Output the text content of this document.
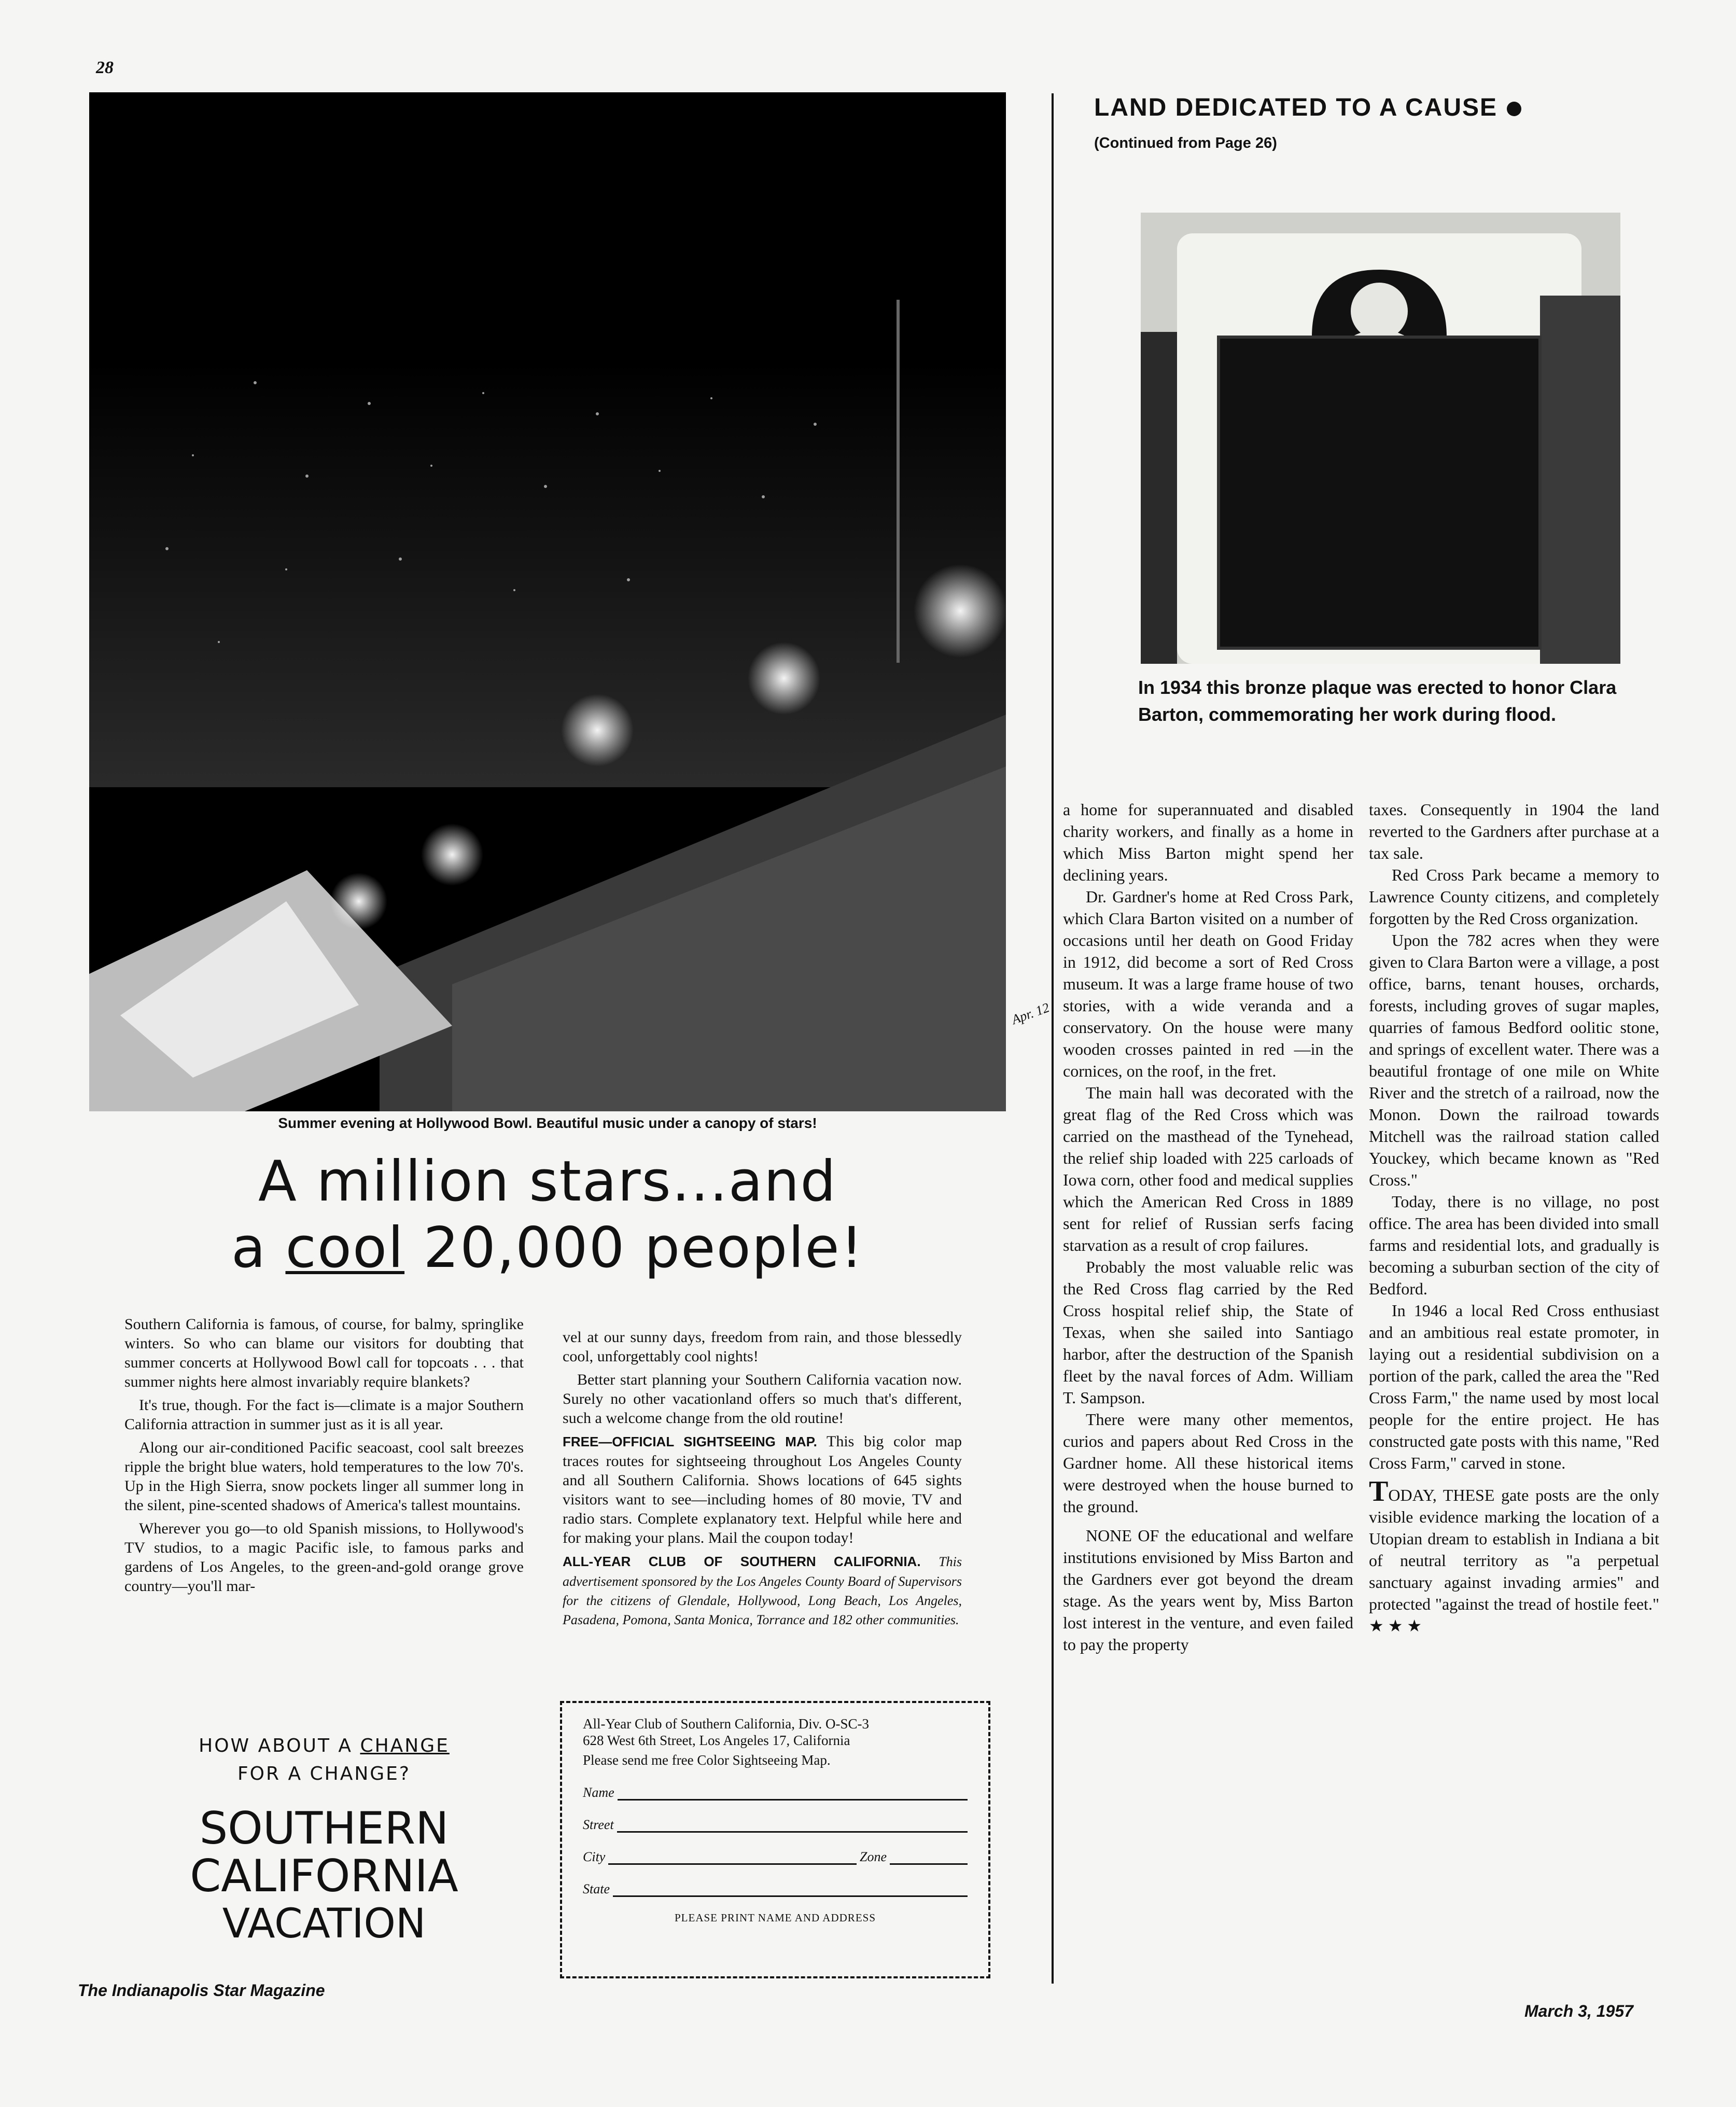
28
Summer evening at Hollywood Bowl. Beautiful music under a canopy of stars!
A million stars...and
a cool 20,000 people!

Southern California is famous, of course, for balmy, springlike winters. So who can blame our visitors for doubting that summer concerts at Hollywood Bowl call for topcoats . . . that summer nights here almost invariably require blankets?

It's true, though. For the fact is—climate is a major Southern California attraction in summer just as it is all year.

Along our air-conditioned Pacific seacoast, cool salt breezes ripple the bright blue waters, hold temperatures to the low 70's. Up in the High Sierra, snow pockets linger all summer long in the silent, pine-scented shadows of America's tallest mountains.

Wherever you go—to old Spanish missions, to Hollywood's TV studios, to a magic Pacific isle, to famous parks and gardens of Los Angeles, to the green-and-gold orange grove country—you'll mar-

vel at our sunny days, freedom from rain, and those blessedly cool, unforgettably cool nights!

Better start planning your Southern California vacation now. Surely no other vacationland offers so much that's different, such a welcome change from the old routine!

FREE—OFFICIAL SIGHTSEEING MAP. This big color map traces routes for sightseeing throughout Los Angeles County and all Southern California. Shows locations of 645 sights visitors want to see—including homes of 80 movie, TV and radio stars. Complete explanatory text. Helpful while here and for making your plans. Mail the coupon today!

ALL-YEAR CLUB OF SOUTHERN CALIFORNIA. This advertisement sponsored by the Los Angeles County Board of Supervisors for the citizens of Glendale, Hollywood, Long Beach, Los Angeles, Pasadena, Pomona, Santa Monica, Torrance and 182 other communities.

HOW ABOUT A CHANGE
FOR A CHANGE?
SOUTHERN
CALIFORNIA
VACATION
All-Year Club of Southern California, Div. O-SC-3
628 West 6th Street, Los Angeles 17, California
Please send me free Color Sightseeing Map.
Name
Street
City	Zone
State
PLEASE PRINT NAME AND ADDRESS
The Indianapolis Star Magazine
LAND DEDICATED TO A CAUSE
(Continued from Page 26)
In 1934 this bronze plaque was erected to honor Clara Barton, commemorating her work during flood.
Apr. 12

a home for superannuated and disabled charity workers, and finally as a home in which Miss Barton might spend her declining years.

Dr. Gardner's home at Red Cross Park, which Clara Barton visited on a number of occasions until her death on Good Friday in 1912, did become a sort of Red Cross museum. It was a large frame house of two stories, with a wide veranda and a conservatory. On the house were many wooden crosses painted in red —in the cornices, on the roof, in the fret.

The main hall was decorated with the great flag of the Red Cross which was carried on the masthead of the Tynehead, the relief ship loaded with 225 carloads of Iowa corn, other food and medical supplies which the American Red Cross in 1889 sent for relief of Russian serfs facing starvation as a result of crop failures.

Probably the most valuable relic was the Red Cross flag carried by the Red Cross hospital relief ship, the State of Texas, when she sailed into Santiago harbor, after the destruction of the Spanish fleet by the naval forces of Adm. William T. Sampson.

There were many other mementos, curios and papers about Red Cross in the Gardner home. All these historical items were destroyed when the house burned to the ground.

NONE OF the educational and welfare institutions envisioned by Miss Barton and the Gardners ever got beyond the dream stage. As the years went by, Miss Barton lost interest in the venture, and even failed to pay the property

taxes. Consequently in 1904 the land reverted to the Gardners after purchase at a tax sale.

Red Cross Park became a memory to Lawrence County citizens, and completely forgotten by the Red Cross organization.

Upon the 782 acres when they were given to Clara Barton were a village, a post office, barns, tenant houses, orchards, forests, including groves of sugar maples, quarries of famous Bedford oolitic stone, and springs of excellent water. There was a beautiful frontage of one mile on White River and the stretch of a railroad, now the Monon. Down the railroad towards Mitchell was the railroad station called Youckey, which became known as "Red Cross."

Today, there is no village, no post office. The area has been divided into small farms and residential lots, and gradually is becoming a suburban section of the city of Bedford.

In 1946 a local Red Cross enthusiast and an ambitious real estate promoter, in laying out a residential subdivision on a portion of the park, called the area the "Red Cross Farm," the name used by most local people for the entire project. He has constructed gate posts with this name, "Red Cross Farm," carved in stone.

TODAY, THESE gate posts are the only visible evidence marking the location of a Utopian dream to establish in Indiana a bit of neutral territory as "a perpetual sanctuary against invading armies" and protected "against the tread of hostile feet." ★ ★ ★

March 3, 1957
